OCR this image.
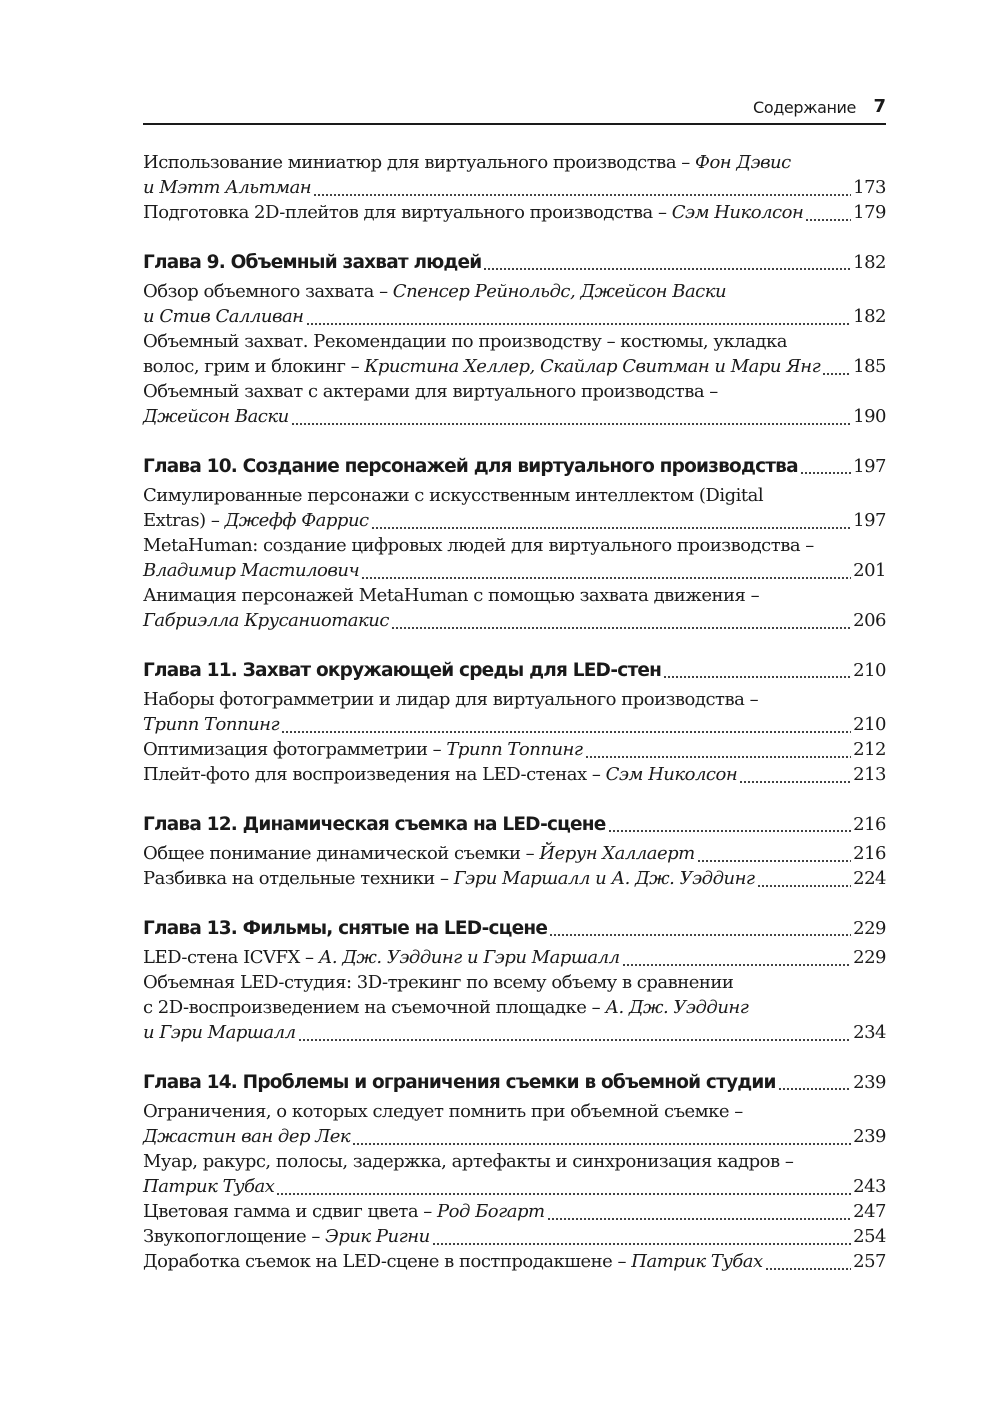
Содержание 7
Использование миниатюр для виртуального производства – Фон Дэвис
и Мэтт Альтман	173
Подготовка 2D-плейтов для виртуального производства – Сэм Николсон	179
Глава 9. Объемный захват людей	182
Обзор объемного захвата – Спенсер Рейнольдс, Джейсон Васки
и Стив Салливан	182
Объемный захват. Рекомендации по производству – костюмы, укладка
волос, грим и блокинг – Кристина Хеллер, Скайлар Свитман и Мари Янг 185
Объемный захват с актерами для виртуального производства –
Джейсон Васки	190
Глава 10. Создание персонажей для виртуального производства	197
Симулированные персонажи с искусственным интеллектом (Digital
Extras) – Джефф Фаррис	197
MetaHuman: создание цифровых людей для виртуального производства –
Владимир Мастилович	201
Анимация персонажей MetaHuman с помощью захвата движения –
Габриэлла Крусаниотакис	206
Глава 11. Захват окружающей среды для LED-стен	210
Наборы фотограмметрии и лидар для виртуального производства –
Трипп Топпинг	210
Оптимизация фотограмметрии – Трипп Топпинг	212
Плейт-фото для воспроизведения на LED-стенах – Сэм Николсон	213
Глава 12. Динамическая съемка на LED-сцене	216
Общее понимание динамической съемки – Йерун Халлаерт	216
Разбивка на отдельные техники – Гэри Маршалл и А. Дж. Уэддинг	224
Глава 13. Фильмы, снятые на LED-сцене	229
LED-стена ICVFX – А. Дж. Уэддинг и Гэри Маршалл	229
Объемная LED-студия: 3D-трекинг по всему объему в сравнении
с 2D-воспроизведением на съемочной площадке – А. Дж. Уэддинг
и Гэри Маршалл	234
Глава 14. Проблемы и ограничения съемки в объемной студии	239
Ограничения, о которых следует помнить при объемной съемке –
Джастин ван дер Лек	239
Муар, ракурс, полосы, задержка, артефакты и синхронизация кадров –
Патрик Тубах	243
Цветовая гамма и сдвиг цвета – Род Богарт	247
Звукопоглощение – Эрик Ригни	254
Доработка съемок на LED-сцене в постпродакшене – Патрик Тубах	257
